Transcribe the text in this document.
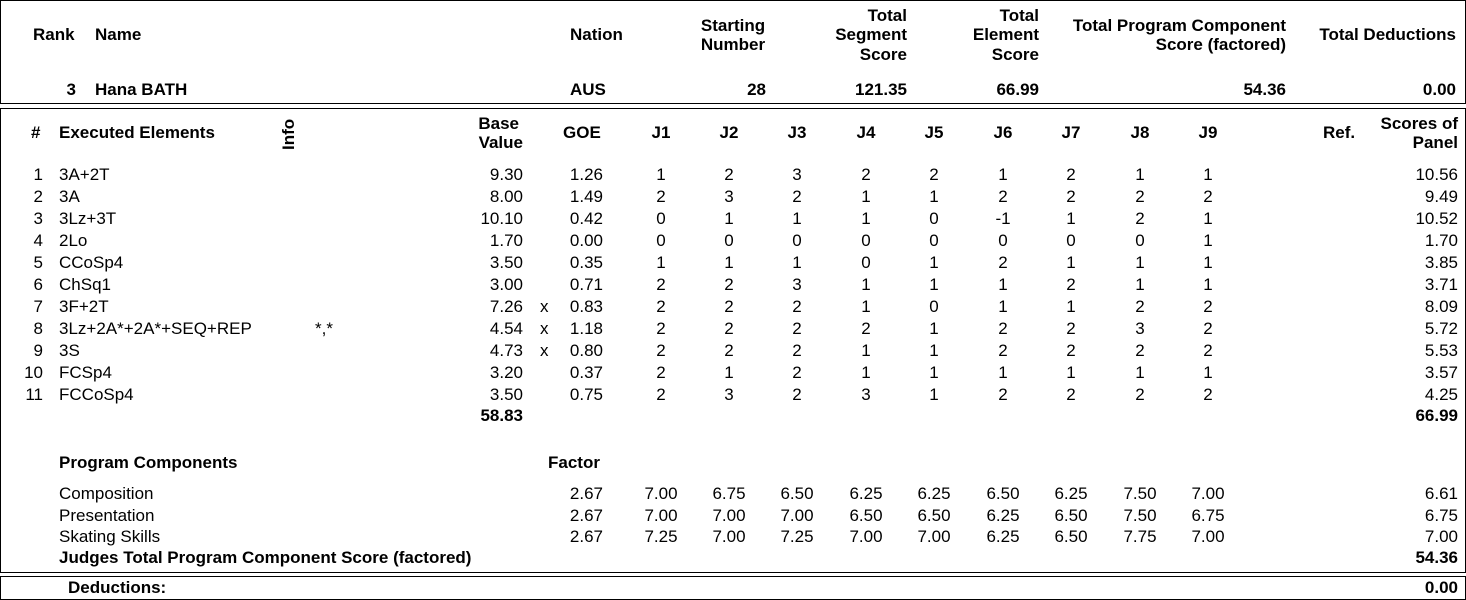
Rank Name	Nation	Starting
Number
Total
Segment
Score
Total
Element
Score
Total Program Component
Score (factored)
Total Deductions
3 Hana BATH	AUS	28	121.35	66.99	54.36	0.00
# Executed Elements	Info	Base
Value
GOE	J1	J2	J3	J4	J5	J6	J7	J8	J9	Ref. Scores of
Panel
1 3A+2T	9.30	1.26	1	2	3	2	2	1	2	1	1	10.56
2 3A	8.00	1.49	2	3	2	1	1	2	2	2	2	9.49
3 3Lz+3T	10.10	0.42	0	1	1	1	0	-1	1	2	1	10.52
4 2Lo	1.70	0.00	0	0	0	0	0	0	0	0	1	1.70
5 CCoSp4	3.50	0.35	1	1	1	0	1	2	1	1	1	3.85
6 ChSq1	3.00	0.71	2	2	3	1	1	1	2	1	1	3.71
7 3F+2T	7.26 x 0.83	2	2	2	1	0	1	1	2	2	8.09
8 3Lz+2A*+2A*+SEQ+REP	*,*	4.54 x 1.18	2	2	2	2	1	2	2	3	2	5.72
9 3S	4.73 x 0.80	2	2	2	1	1	2	2	2	2	5.53
10 FCSp4	3.20	0.37	2	1	2	1	1	1	1	1	1	3.57
11 FCCoSp4	3.50	0.75	2	3	2	3	1	2	2	2	2	4.25
58.83	66.99
Program Components	Factor
Composition	2.67	7.00	6.75	6.50	6.25	6.25	6.50	6.25	7.50	7.00	6.61
Presentation	2.67	7.00	7.00	7.00	6.50	6.50	6.25	6.50	7.50	6.75	6.75
Skating Skills	2.67	7.25	7.00	7.25	7.00	7.00	6.25	6.50	7.75	7.00	7.00
Judges Total Program Component Score (factored)	54.36
Deductions:	0.00
